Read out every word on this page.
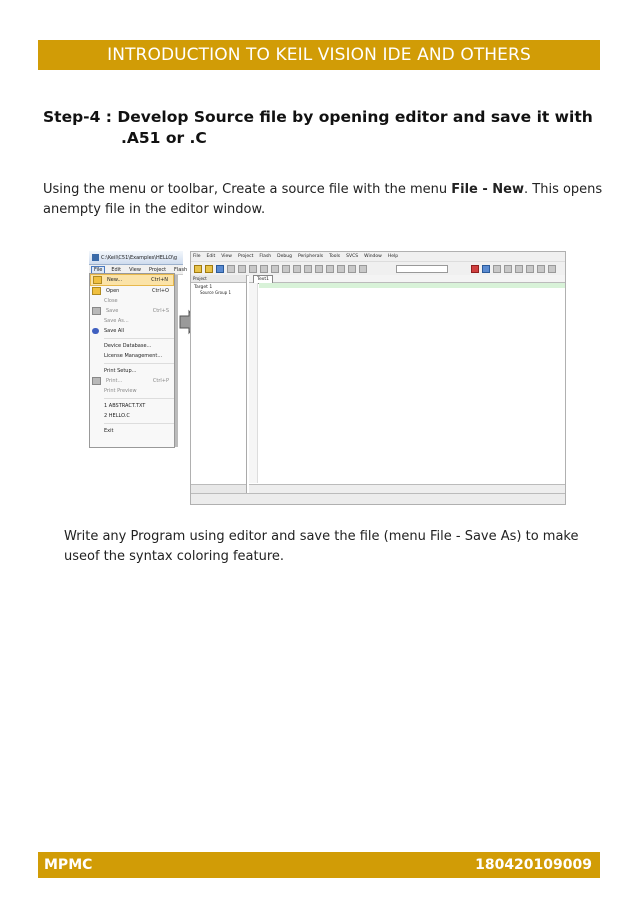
INTRODUCTION TO KEIL VISION IDE AND OTHERS
Step-4 : Develop Source file by opening editor and save it with
.A51 or .C
Using the menu or toolbar, Create a source file with the menu File - New. This opens anempty file in the editor window.
C:\Keil\C51\Examples\HELLO\g
File	Edit	View	Project	Flash
New...	Ctrl+N
Open	Ctrl+O
Close
Save	Ctrl+S
Save As...
Save All
Device Database...
License Management...
Print Setup...
Print...	Ctrl+P
Print Preview
1 ABSTRACT.TXT
2 HELLO.C
Exit
File Edit View Project Flash Debug Peripherals Tools SVCS Window Help
Project
Target 1
Source Group 1
Text1
Write any Program using editor and save the file (menu File - Save As) to make useof the syntax coloring feature.
MPMC	180420109009
